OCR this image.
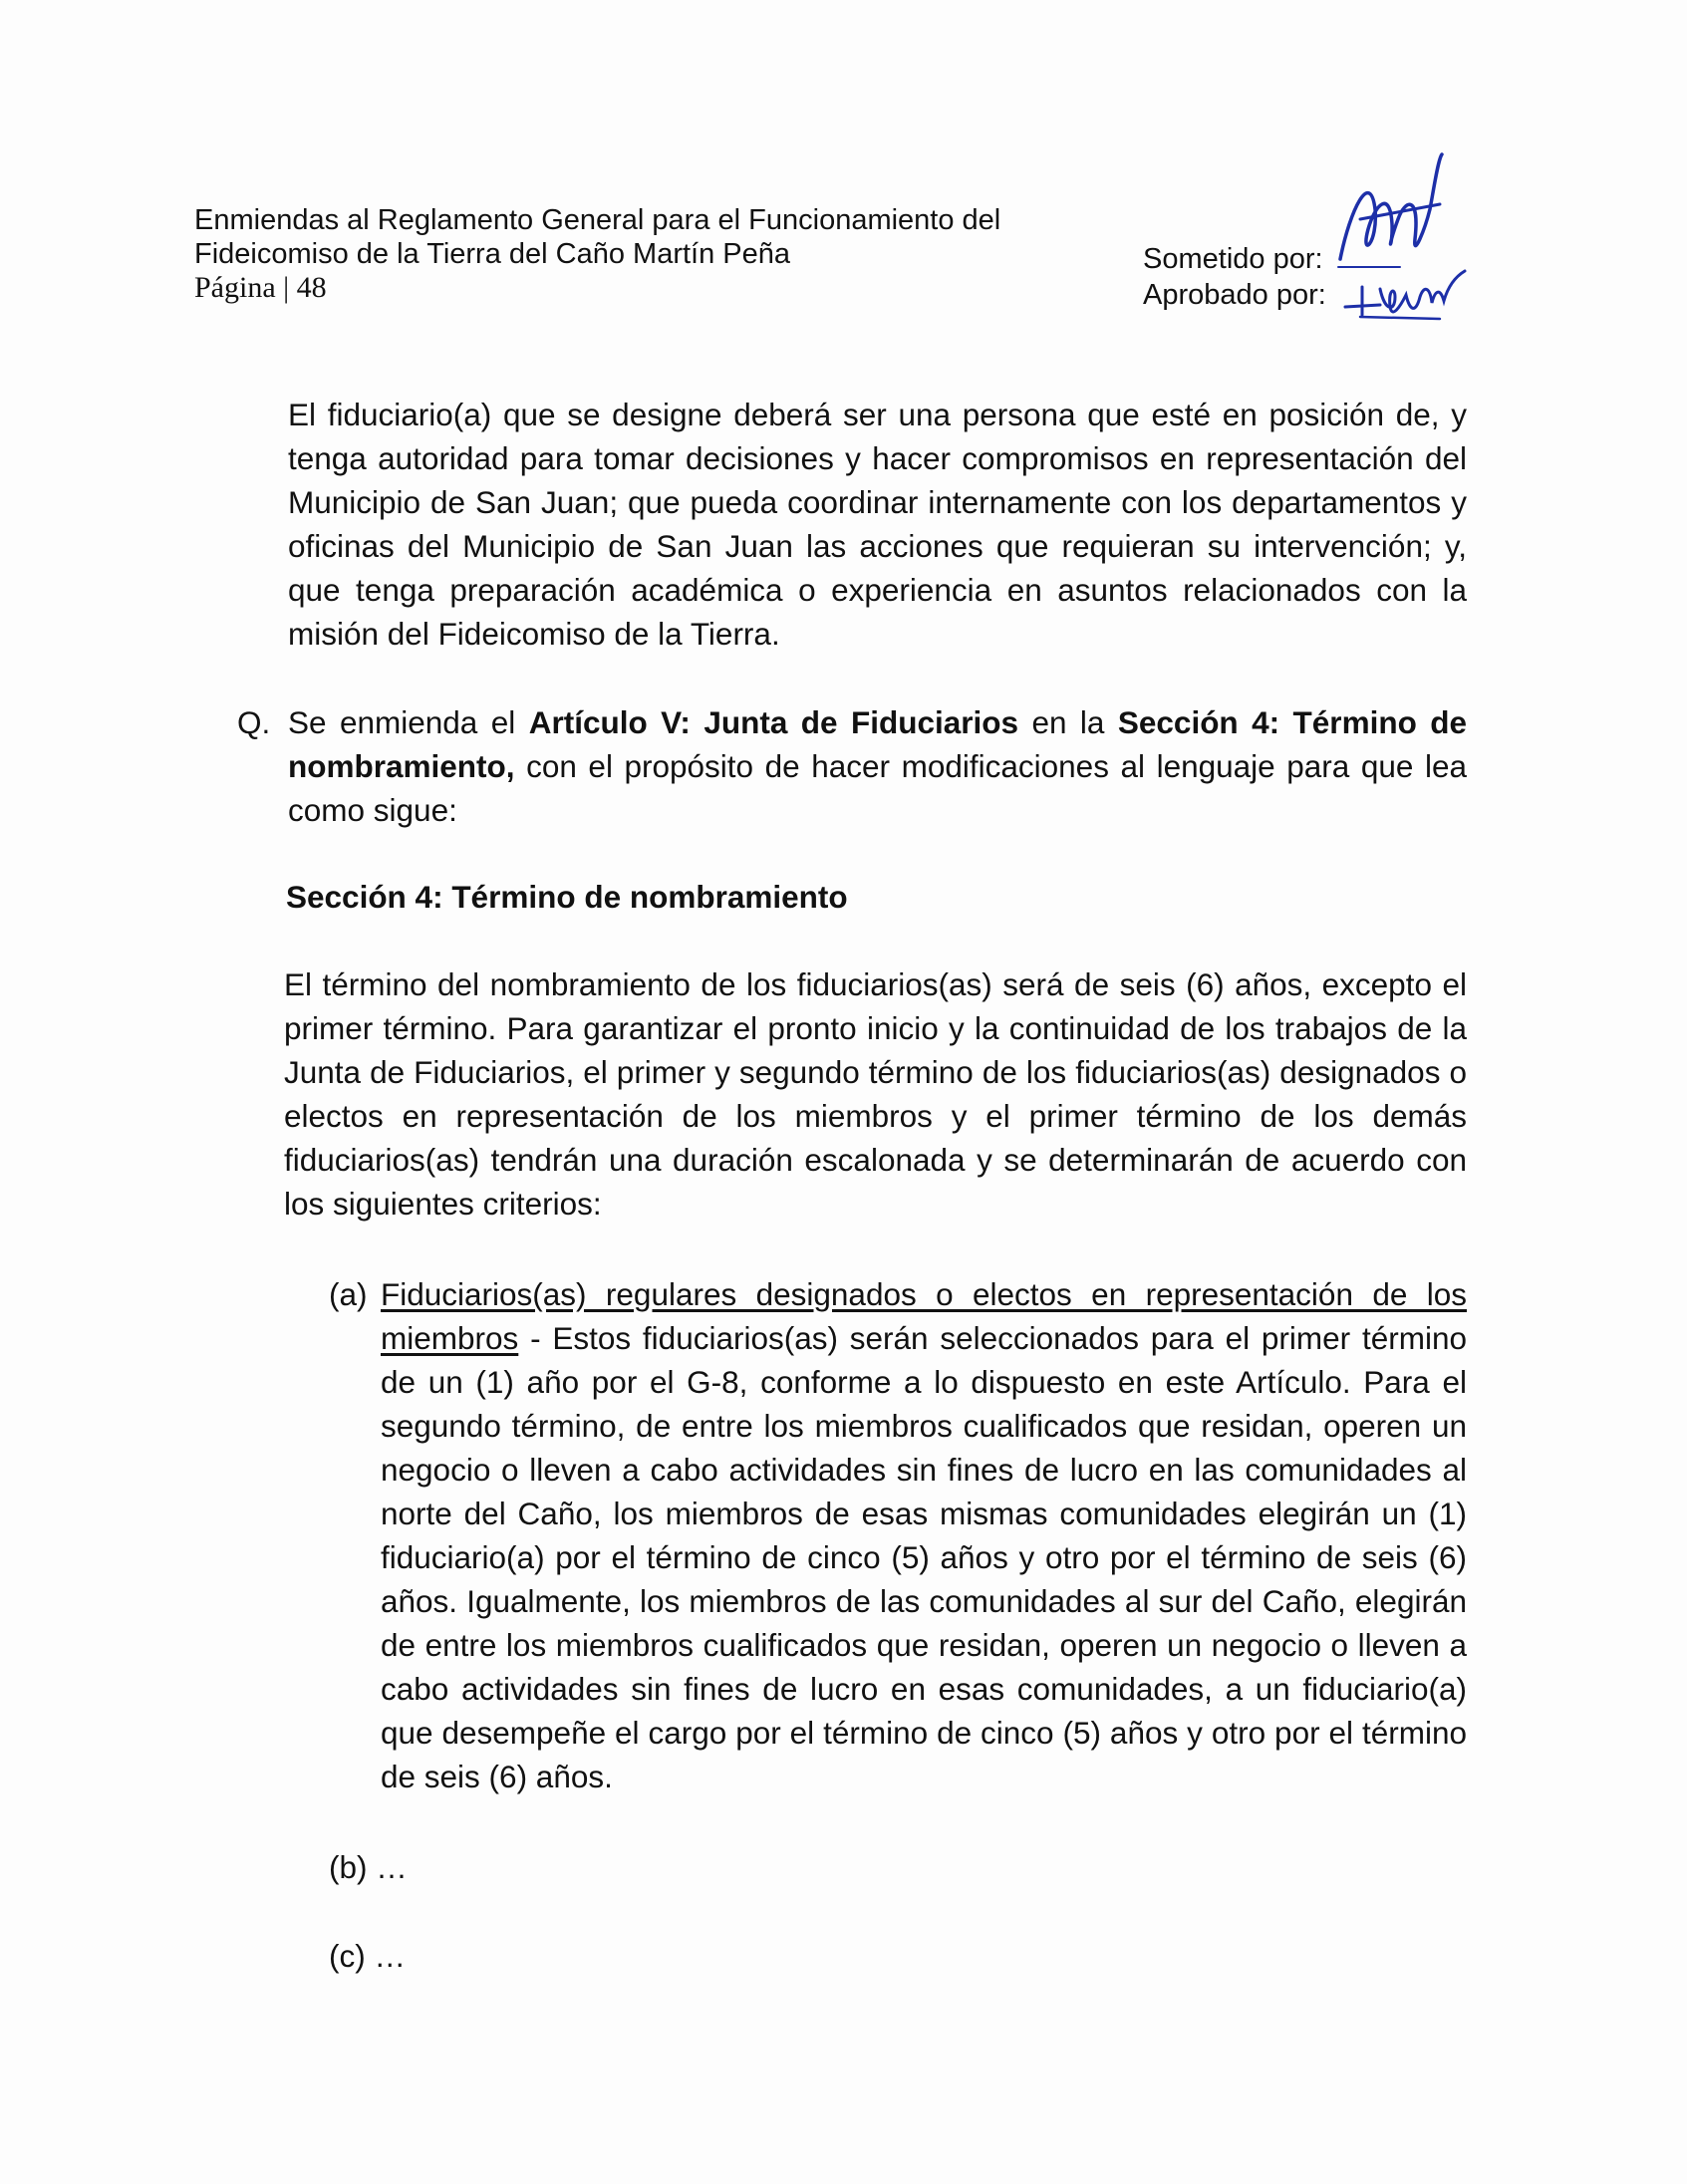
Enmiendas al Reglamento General para el Funcionamiento del
Fideicomiso de la Tierra del Caño Martín Peña
Página | 48
Sometido por:
Aprobado por:
El fiduciario(a) que se designe deberá ser una persona que esté en posición de, y tenga autoridad para tomar decisiones y hacer compromisos en representación del Municipio de San Juan; que pueda coordinar internamente con los departamentos y oficinas del Municipio de San Juan las acciones que requieran su intervención; y, que tenga preparación académica o experiencia en asuntos relacionados con la misión del Fideicomiso de la Tierra.
Q. Se enmienda el Artículo V: Junta de Fiduciarios en la Sección 4: Término de nombramiento, con el propósito de hacer modificaciones al lenguaje para que lea como sigue:
Sección 4: Término de nombramiento
El término del nombramiento de los fiduciarios(as) será de seis (6) años, excepto el primer término. Para garantizar el pronto inicio y la continuidad de los trabajos de la Junta de Fiduciarios, el primer y segundo término de los fiduciarios(as) designados o electos en representación de los miembros y el primer término de los demás fiduciarios(as) tendrán una duración escalonada y se determinarán de acuerdo con los siguientes criterios:
(a) Fiduciarios(as) regulares designados o electos en representación de los miembros - Estos fiduciarios(as) serán seleccionados para el primer término de un (1) año por el G-8, conforme a lo dispuesto en este Artículo. Para el segundo término, de entre los miembros cualificados que residan, operen un negocio o lleven a cabo actividades sin fines de lucro en las comunidades al norte del Caño, los miembros de esas mismas comunidades elegirán un (1) fiduciario(a) por el término de cinco (5) años y otro por el término de seis (6) años. Igualmente, los miembros de las comunidades al sur del Caño, elegirán de entre los miembros cualificados que residan, operen un negocio o lleven a cabo actividades sin fines de lucro en esas comunidades, a un fiduciario(a) que desempeñe el cargo por el término de cinco (5) años y otro por el término de seis (6) años.
(b) …
(c) …
